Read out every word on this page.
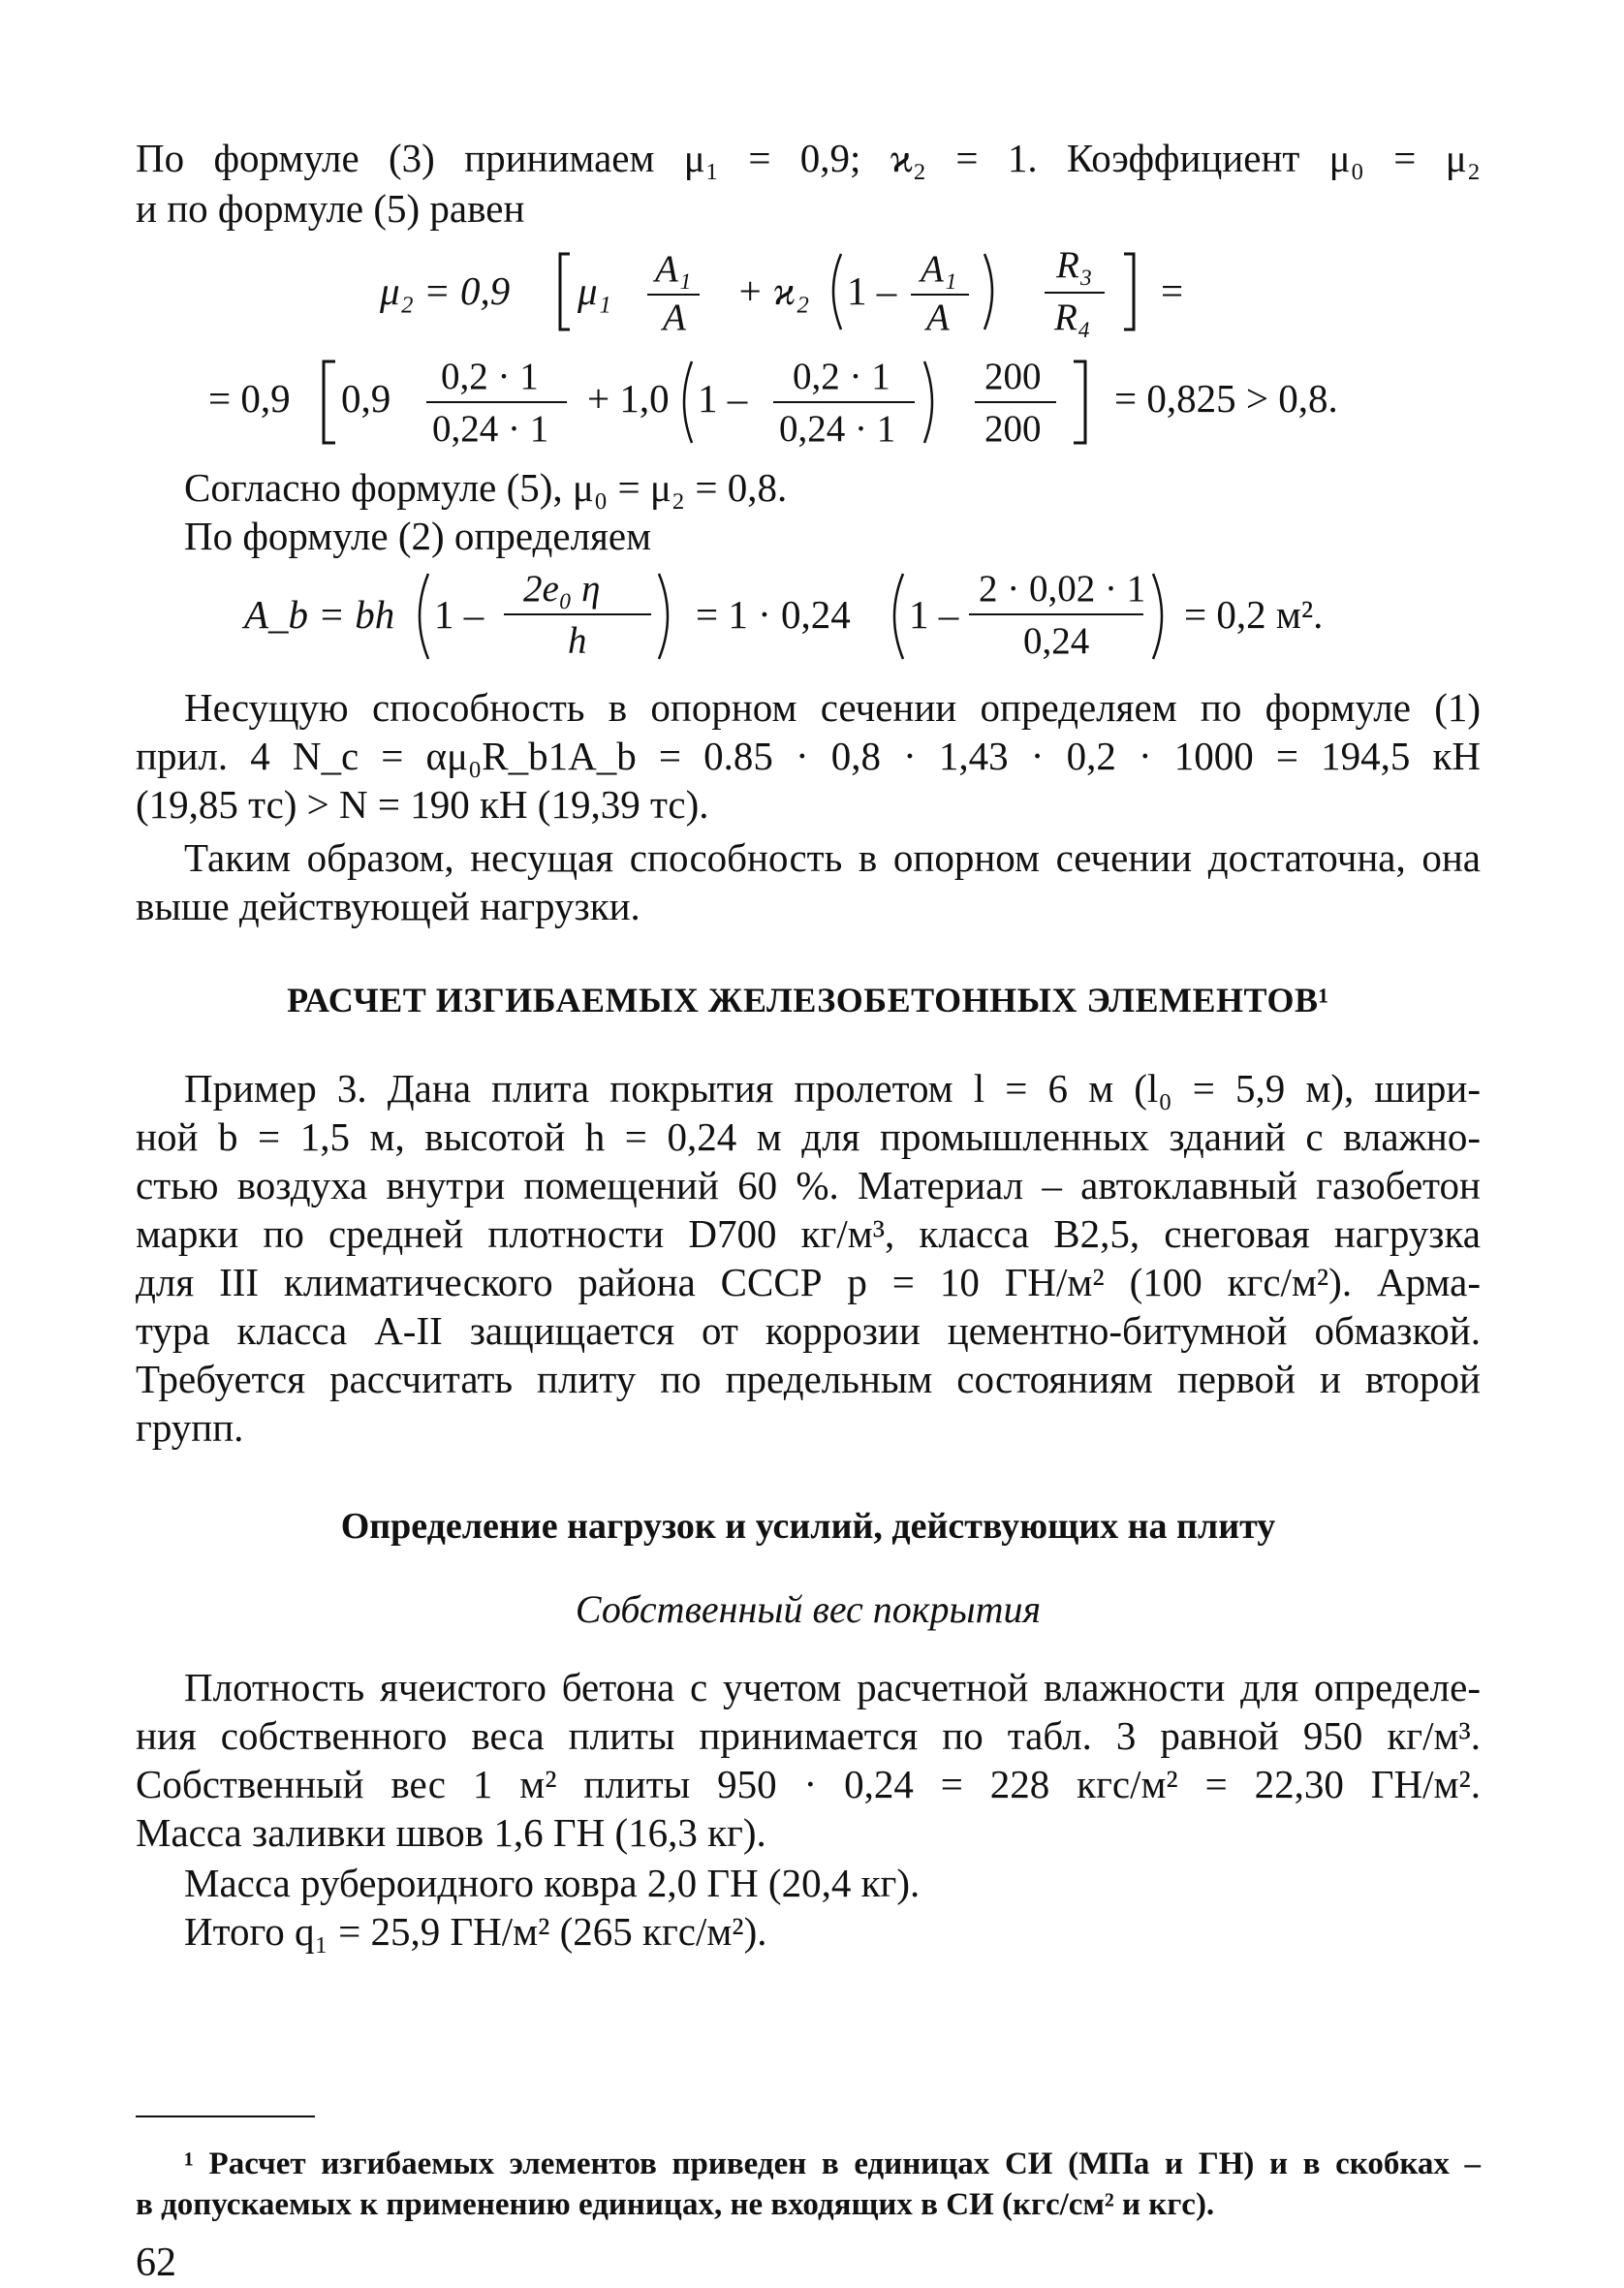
По формуле (3) принимаем μ₁ = 0,9; ϰ₂ = 1. Коэффициент μ₀ = μ₂
и по формуле (5) равен
μ₂ = 0,9 μ₁ A₁
A
+ ϰ₂ 1 – A₁
A
R₃
R₄
=
= 0,9 0,9 0,2 · 1
0,24 · 1
+ 1,0 1 – 0,2 · 1
0,24 · 1
200
200
= 0,825 > 0,8.
Согласно формуле (5), μ₀ = μ₂ = 0,8.
По формуле (2) определяем
A_b = bh 1 –
2e₀ η
h
= 1 · 0,24 1 –
2 · 0,02 · 1
0,24
= 0,2 м².
Несущую способность в опорном сечении определяем по формуле (1)
прил. 4 N_c = αμ₀R_b1A_b = 0.85 · 0,8 · 1,43 · 0,2 · 1000 = 194,5 кН
(19,85 тс) > N = 190 кН (19,39 тс).
Таким образом, несущая способность в опорном сечении достаточна, она
выше действующей нагрузки.
РАСЧЕТ ИЗГИБАЕМЫХ ЖЕЛЕЗОБЕТОННЫХ ЭЛЕМЕНТОВ¹
Пример 3. Дана плита покрытия пролетом l = 6 м (l₀ = 5,9 м), шири-
ной b = 1,5 м, высотой h = 0,24 м для промышленных зданий с влажно-
стью воздуха внутри помещений 60 %. Материал – автоклавный газобетон
марки по средней плотности D700 кг/м³, класса B2,5, снеговая нагрузка
для III климатического района СССР p = 10 ГН/м² (100 кгс/м²). Арма-
тура класса A-II защищается от коррозии цементно-битумной обмазкой.
Требуется рассчитать плиту по предельным состояниям первой и второй
групп.
Определение нагрузок и усилий, действующих на плиту
Собственный вес покрытия
Плотность ячеистого бетона с учетом расчетной влажности для определе-
ния собственного веса плиты принимается по табл. 3 равной 950 кг/м³.
Собственный вес 1 м² плиты 950 · 0,24 = 228 кгс/м² = 22,30 ГН/м².
Масса заливки швов 1,6 ГН (16,3 кг).
Масса рубероидного ковра 2,0 ГН (20,4 кг).
Итого q₁ = 25,9 ГН/м² (265 кгс/м²).
¹ Расчет изгибаемых элементов приведен в единицах СИ (МПа и ГН) и в скобках –
в допускаемых к применению единицах, не входящих в СИ (кгс/см² и кгс).
62
